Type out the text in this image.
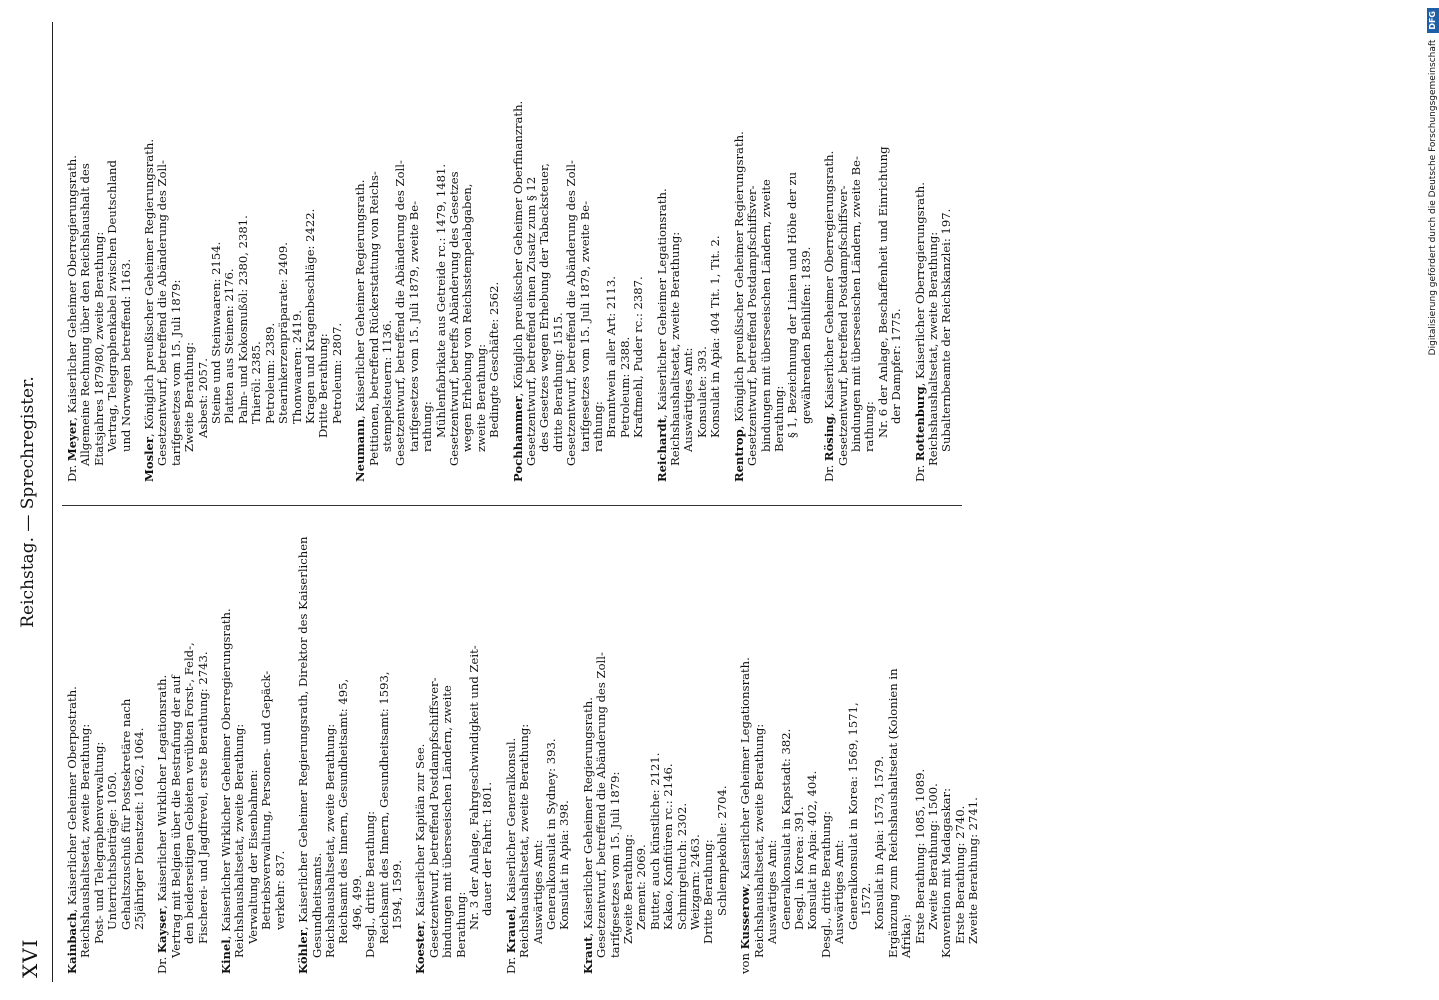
XVI
Reichstag. — Sprechregister.
Kainbach, Kaiserlicher Geheimer Oberpostrath. Reichshaushaltsetat, zweite Berathung: Post- und Telegraphenverwaltung: Unterrichtsbeiträge: 1050. Gehaltszuschuß für Postsekretäre nach 25jähriger Dienstzeit: 1062, 1064.
Dr. Kayser, Kaiserlicher Wirklicher Legationsrath. Vertrag mit Belgien über die Bestrafung der auf den beiderseitigen Gebieten verübten Forst-, Feld-, Fischerei- und Jagdfrevel, erste Berathung: 2743.
Kinel, Kaiserlicher Wirklicher Geheimer Oberregierungsrath. Reichshaushaltsetat, zweite Berathung: Verwaltung der Eisenbahnen: Betriebsverwaltung, Personen- und Gepäck- verkehr: 837.
Köhler, Kaiserlicher Geheimer Regierungsrath, Direktor des Kaiserlichen Gesundheitsamts. Reichshaushaltsetat, zweite Berathung: Reichsamt des Innern, Gesundheitsamt: 495, 496, 499. Desgl., dritte Berathung: Reichsamt des Innern, Gesundheitsamt: 1593, 1594, 1599.
Koester, Kaiserlicher Kapitän zur See. Gesetzentwurf, betreffend Postdampfschiffsver- bindungen mit überseeischen Ländern, zweite Berathung: Nr. 3 der Anlage, Fahrgeschwindigkeit und Zeit- dauer der Fahrt: 1801.
Dr. Krauel, Kaiserlicher Generalkonsul. Reichshaushaltsetat, zweite Berathung: Auswärtiges Amt: Generalkonsulat in Sydney: 393. Konsulat in Apia: 398.
Kraut, Kaiserlicher Geheimer Regierungsrath. Gesetzentwurf, betreffend die Abänderung des Zoll- tarifgesetzes vom 15. Juli 1879: Zweite Berathung: Zement: 2069. Butter, auch künstliche: 2121. Kakao, Konfitüren rc.: 2146. Schmirgeltuch: 2302. Weizgarn: 2463. Dritte Berathung: Schlempekohle: 2704.
von Kusserow, Kaiserlicher Geheimer Legationsrath. Reichshaushaltsetat, zweite Berathung: Auswärtiges Amt: Generalkonsulat in Kapstadt: 382. Desgl. in Korea: 391. Konsulat in Apia: 402, 404. Desgl., dritte Berathung: Auswärtiges Amt: Generalkonsulat in Korea: 1569, 1571, 1572. Konsulat in Apia: 1573, 1579. Ergänzung zum Reichshaushaltsetat (Kolonien in Afrika): Erste Berathung: 1085, 1089. Zweite Berathung: 1500. Konvention mit Madagaskar: Erste Berathung: 2740. Zweite Berathung: 2741.
Dr. Meyer, Kaiserlicher Geheimer Oberregierungsrath. Allgemeine Rechnung über den Reichshaushalt des Etatsjahres 1879/80, zweite Berathung: Vertrag, Telegraphenkabel zwischen Deutschland und Norwegen betreffend: 1163.
Mosler, Königlich preußischer Geheimer Regierungsrath. Gesetzentwurf, betreffend die Abänderung des Zoll- tarifgesetzes vom 15. Juli 1879: Zweite Berathung: Asbest: 2057. Steine und Steinwaaren: 2154. Platten aus Steinen: 2176. Palm- und Kokosnußöl: 2380, 2381. Thieröl: 2385. Petroleum: 2389. Stearinkerzenpräparate: 2409. Thonwaaren: 2419. Kragen und Kragenbeschläge: 2422. Dritte Berathung: Petroleum: 2807.
Neumann, Kaiserlicher Geheimer Regierungsrath. Petitionen, betreffend Rückerstattung von Reichs- stempelsteuern: 1136. Gesetzentwurf, betreffend die Abänderung des Zoll- tarifgesetzes vom 15. Juli 1879, zweite Be- rathung: Mühlenfabrikate aus Getreide rc.: 1479, 1481. Gesetzentwurf, betreffs Abänderung des Gesetzes wegen Erhebung von Reichsstempelabgaben, zweite Berathung: Bedingte Geschäfte: 2562.
Pochhammer, Königlich preußischer Geheimer Oberfinanzrath. Gesetzentwurf, betreffend einen Zusatz zum § 12 des Gesetzes wegen Erhebung der Tabacksteuer, dritte Berathung: 1515. Gesetzentwurf, betreffend die Abänderung des Zoll- tarifgesetzes vom 15. Juli 1879, zweite Be- rathung: Branntwein aller Art: 2113. Petroleum: 2388. Kraftmehl, Puder rc.: 2387.
Reichardt, Kaiserlicher Geheimer Legationsrath. Reichshaushaltsetat, zweite Berathung: Auswärtiges Amt: Konsulate: 393. Konsulat in Apia: 404 Tit. 1, Tit. 2.
Rentrop, Königlich preußischer Geheimer Regierungsrath. Gesetzentwurf, betreffend Postdampfschiffsver- bindungen mit überseeischen Ländern, zweite Berathung: § 1, Bezeichnung der Linien und Höhe der zu gewährenden Beihilfen: 1839.
Dr. Rösing, Kaiserlicher Geheimer Oberregierungsrath. Gesetzentwurf, betreffend Postdampfschiffsver- bindungen mit überseeischen Ländern, zweite Be- rathung: Nr. 6 der Anlage, Beschaffenheit und Einrichtung der Dampfer: 1775.
Dr. Rottenburg, Kaiserlicher Oberregierungsrath. Reichshaushaltsetat, zweite Berathung: Subalternbeamte der Reichskanzlei: 197.	Digitalisierung gefördert durch die Deutsche Forschungsgemeinschaft DFG
